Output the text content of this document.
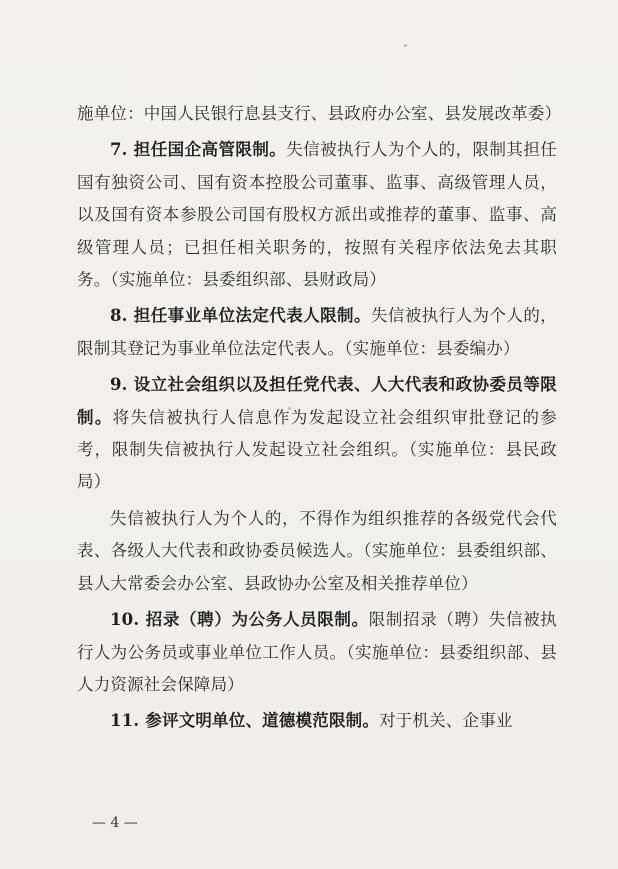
施单位：中国人民银行息县支行、县政府办公室、县发展改革委）

7. 担任国企高管限制。失信被执行人为个人的，限制其担任国有独资公司、国有资本控股公司董事、监事、高级管理人员，以及国有资本参股公司国有股权方派出或推荐的董事、监事、高级管理人员；已担任相关职务的，按照有关程序依法免去其职务。（实施单位：县委组织部、县财政局）

8. 担任事业单位法定代表人限制。失信被执行人为个人的，限制其登记为事业单位法定代表人。（实施单位：县委编办）

9. 设立社会组织以及担任党代表、人大代表和政协委员等限制。将失信被执行人信息作为发起设立社会组织审批登记的参考，限制失信被执行人发起设立社会组织。（实施单位：县民政局）

失信被执行人为个人的，不得作为组织推荐的各级党代会代表、各级人大代表和政协委员候选人。（实施单位：县委组织部、县人大常委会办公室、县政协办公室及相关推荐单位）

10. 招录（聘）为公务人员限制。限制招录（聘）失信被执行人为公务员或事业单位工作人员。（实施单位：县委组织部、县人力资源社会保障局）

11. 参评文明单位、道德模范限制。对于机关、企事业

— 4 —
